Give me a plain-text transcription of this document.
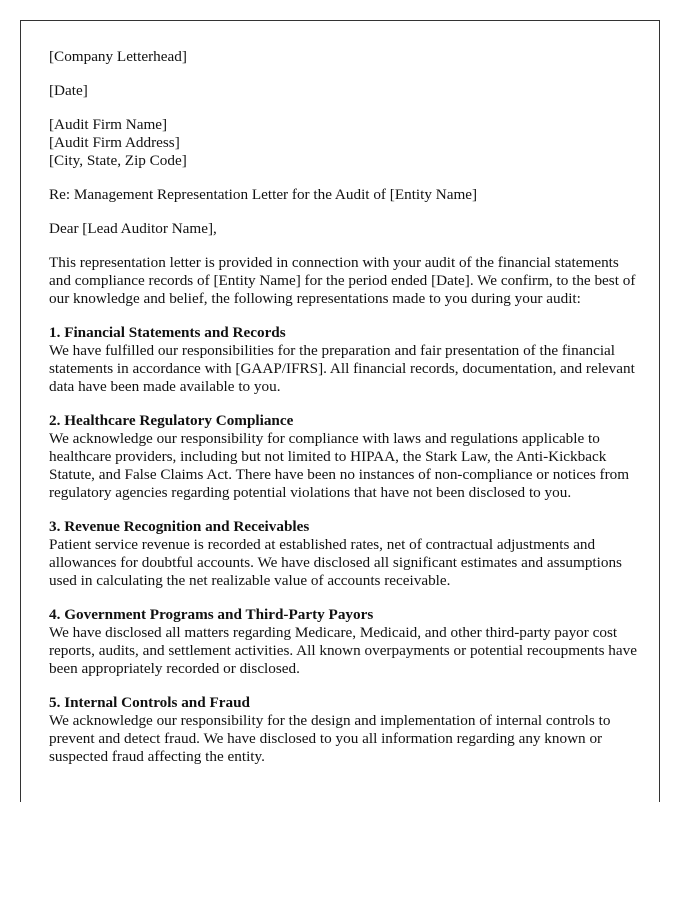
[Company Letterhead]

[Date]

[Audit Firm Name]
[Audit Firm Address]
[City, State, Zip Code]

Re: Management Representation Letter for the Audit of [Entity Name]

Dear [Lead Auditor Name],

This representation letter is provided in connection with your audit of the financial statements and compliance records of [Entity Name] for the period ended [Date]. We confirm, to the best of our knowledge and belief, the following representations made to you during your audit:

1. Financial Statements and Records
We have fulfilled our responsibilities for the preparation and fair presentation of the financial statements in accordance with [GAAP/IFRS]. All financial records, documentation, and relevant data have been made available to you.
2. Healthcare Regulatory Compliance
We acknowledge our responsibility for compliance with laws and regulations applicable to healthcare providers, including but not limited to HIPAA, the Stark Law, the Anti-Kickback Statute, and False Claims Act. There have been no instances of non-compliance or notices from regulatory agencies regarding potential violations that have not been disclosed to you.
3. Revenue Recognition and Receivables
Patient service revenue is recorded at established rates, net of contractual adjustments and allowances for doubtful accounts. We have disclosed all significant estimates and assumptions used in calculating the net realizable value of accounts receivable.
4. Government Programs and Third-Party Payors
We have disclosed all matters regarding Medicare, Medicaid, and other third-party payor cost reports, audits, and settlement activities. All known overpayments or potential recoupments have been appropriately recorded or disclosed.
5. Internal Controls and Fraud
We acknowledge our responsibility for the design and implementation of internal controls to prevent and detect fraud. We have disclosed to you all information regarding any known or suspected fraud affecting the entity.
